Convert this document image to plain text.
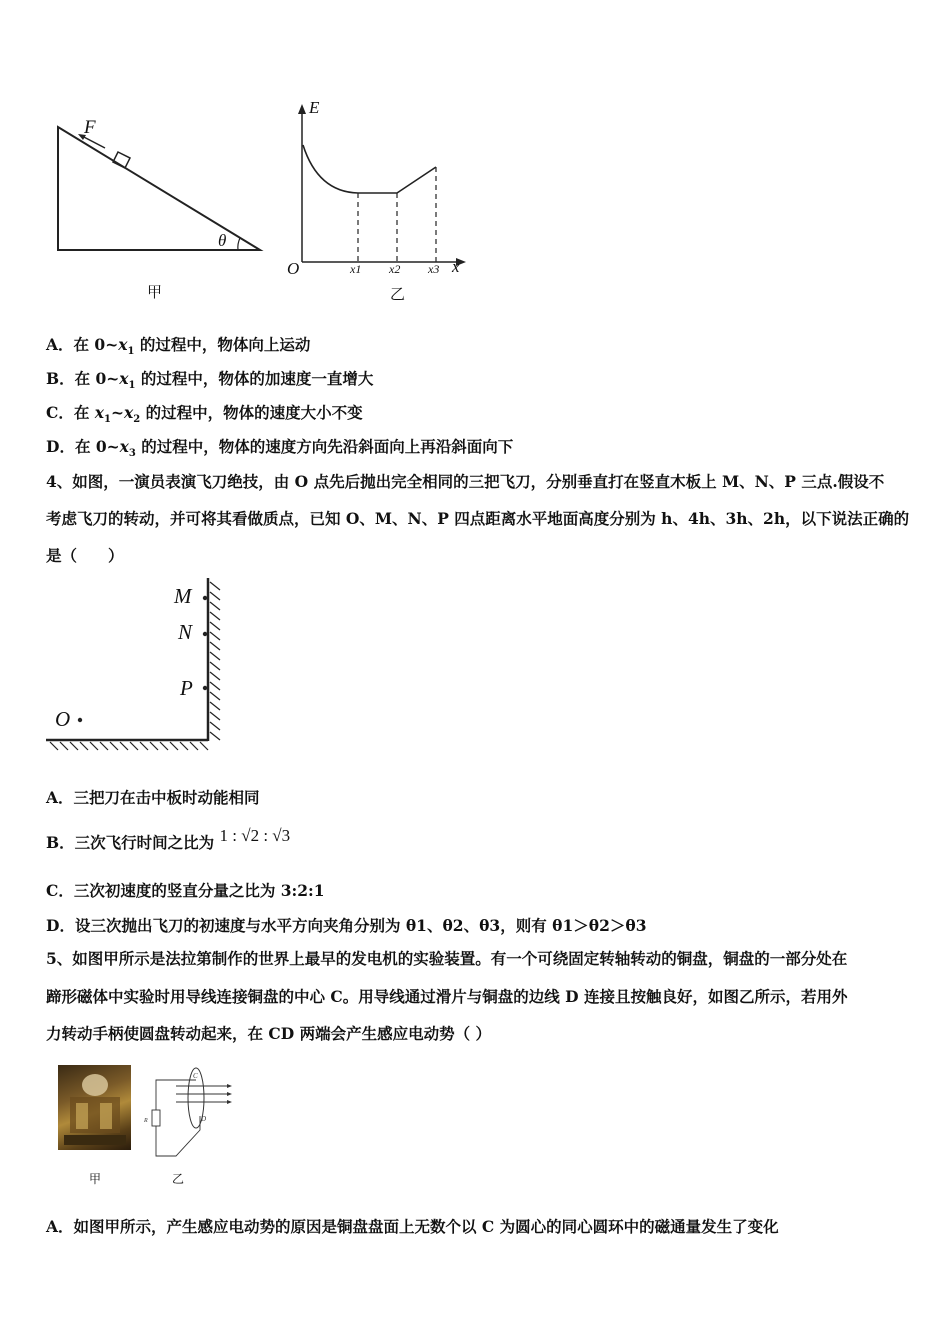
F
θ
甲
E
O	x
x1 x2 x3
乙
A．在 $0\sim x_1$ 的过程中，物体向上运动
B．在 $0\sim x_1$ 的过程中，物体的加速度一直增大
C．在 $x_1\sim x_2$ 的过程中，物体的速度大小不变
D．在 $0\sim x_3$ 的过程中，物体的速度方向先沿斜面向上再沿斜面向下
4、如图，一演员表演飞刀绝技，由 O 点先后抛出完全相同的三把飞刀，分别垂直打在竖直木板上 M、N、P 三点.假设不
考虑飞刀的转动，并可将其看做质点，已知 O、M、N、P 四点距离水平地面高度分别为 h、4h、3h、2h，以下说法正确的
是（　　）
M
N
P
O
A．三把刀在击中板时动能相同
B．三次飞行时间之比为 1 : √2 : √3
C．三次初速度的竖直分量之比为 3:2:1
D．设三次抛出飞刀的初速度与水平方向夹角分别为 θ1、θ2、θ3，则有 θ1＞θ2＞θ3
5、如图甲所示是法拉第制作的世界上最早的发电机的实验装置。有一个可绕固定转轴转动的铜盘，铜盘的一部分处在
蹄形磁体中实验时用导线连接铜盘的中心 C。用导线通过滑片与铜盘的边线 D 连接且按触良好，如图乙所示，若用外
力转动手柄使圆盘转动起来，在 CD 两端会产生感应电动势（ ）
甲
C
D
R
乙
A．如图甲所示，产生感应电动势的原因是铜盘盘面上无数个以 C 为圆心的同心圆环中的磁通量发生了变化
